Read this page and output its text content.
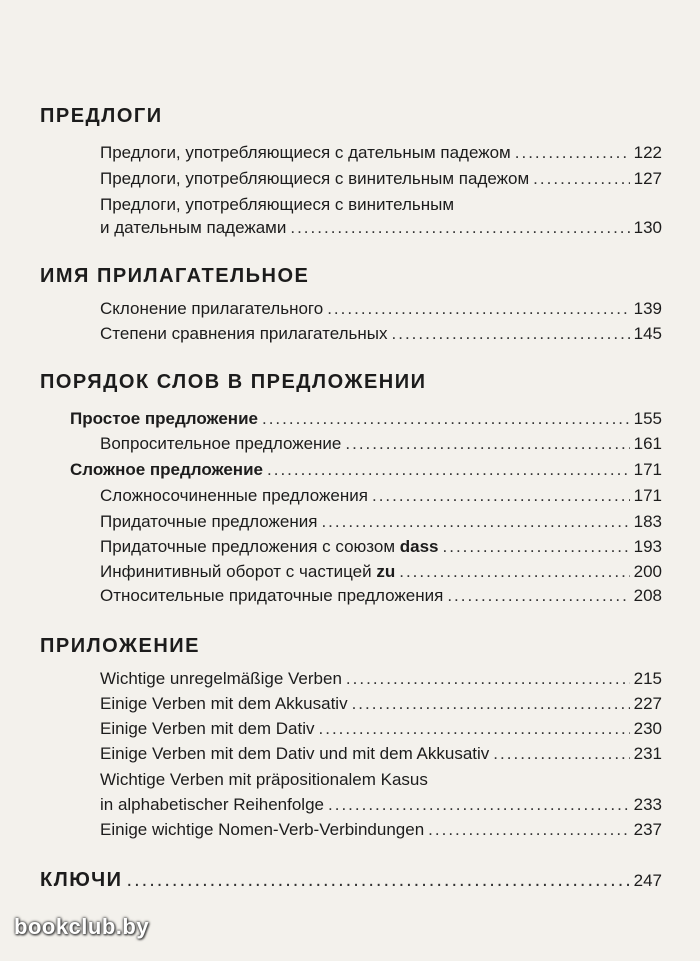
ПРЕДЛОГИ
Предлоги, употребляющиеся с дательным падежом .....	122
Предлоги, употребляющиеся с винительным падежом .....	127
Предлоги, употребляющиеся с винительным
и дательным падежами .....	130
ИМЯ ПРИЛАГАТЕЛЬНОЕ
Склонение прилагательного .....	139
Степени сравнения прилагательных .....	145
ПОРЯДОК СЛОВ В ПРЕДЛОЖЕНИИ
Простое предложение .....	155
Вопросительное предложение .....	161
Сложное предложение .....	171
Сложносочиненные предложения .....	171
Придаточные предложения .....	183
Придаточные предложения с союзом dass .....	193
Инфинитивный оборот с частицей zu .....	200
Относительные придаточные предложения .....	208
ПРИЛОЖЕНИЕ
Wichtige unregelmäßige Verben .....	215
Einige Verben mit dem Akkusativ .....	227
Einige Verben mit dem Dativ .....	230
Einige Verben mit dem Dativ und mit dem Akkusativ .....	231
Wichtige Verben mit präpositionalem Kasus
in alphabetischer Reihenfolge .....	233
Einige wichtige Nomen-Verb-Verbindungen .....	237
КЛЮЧИ .....	247
bookclub.by
